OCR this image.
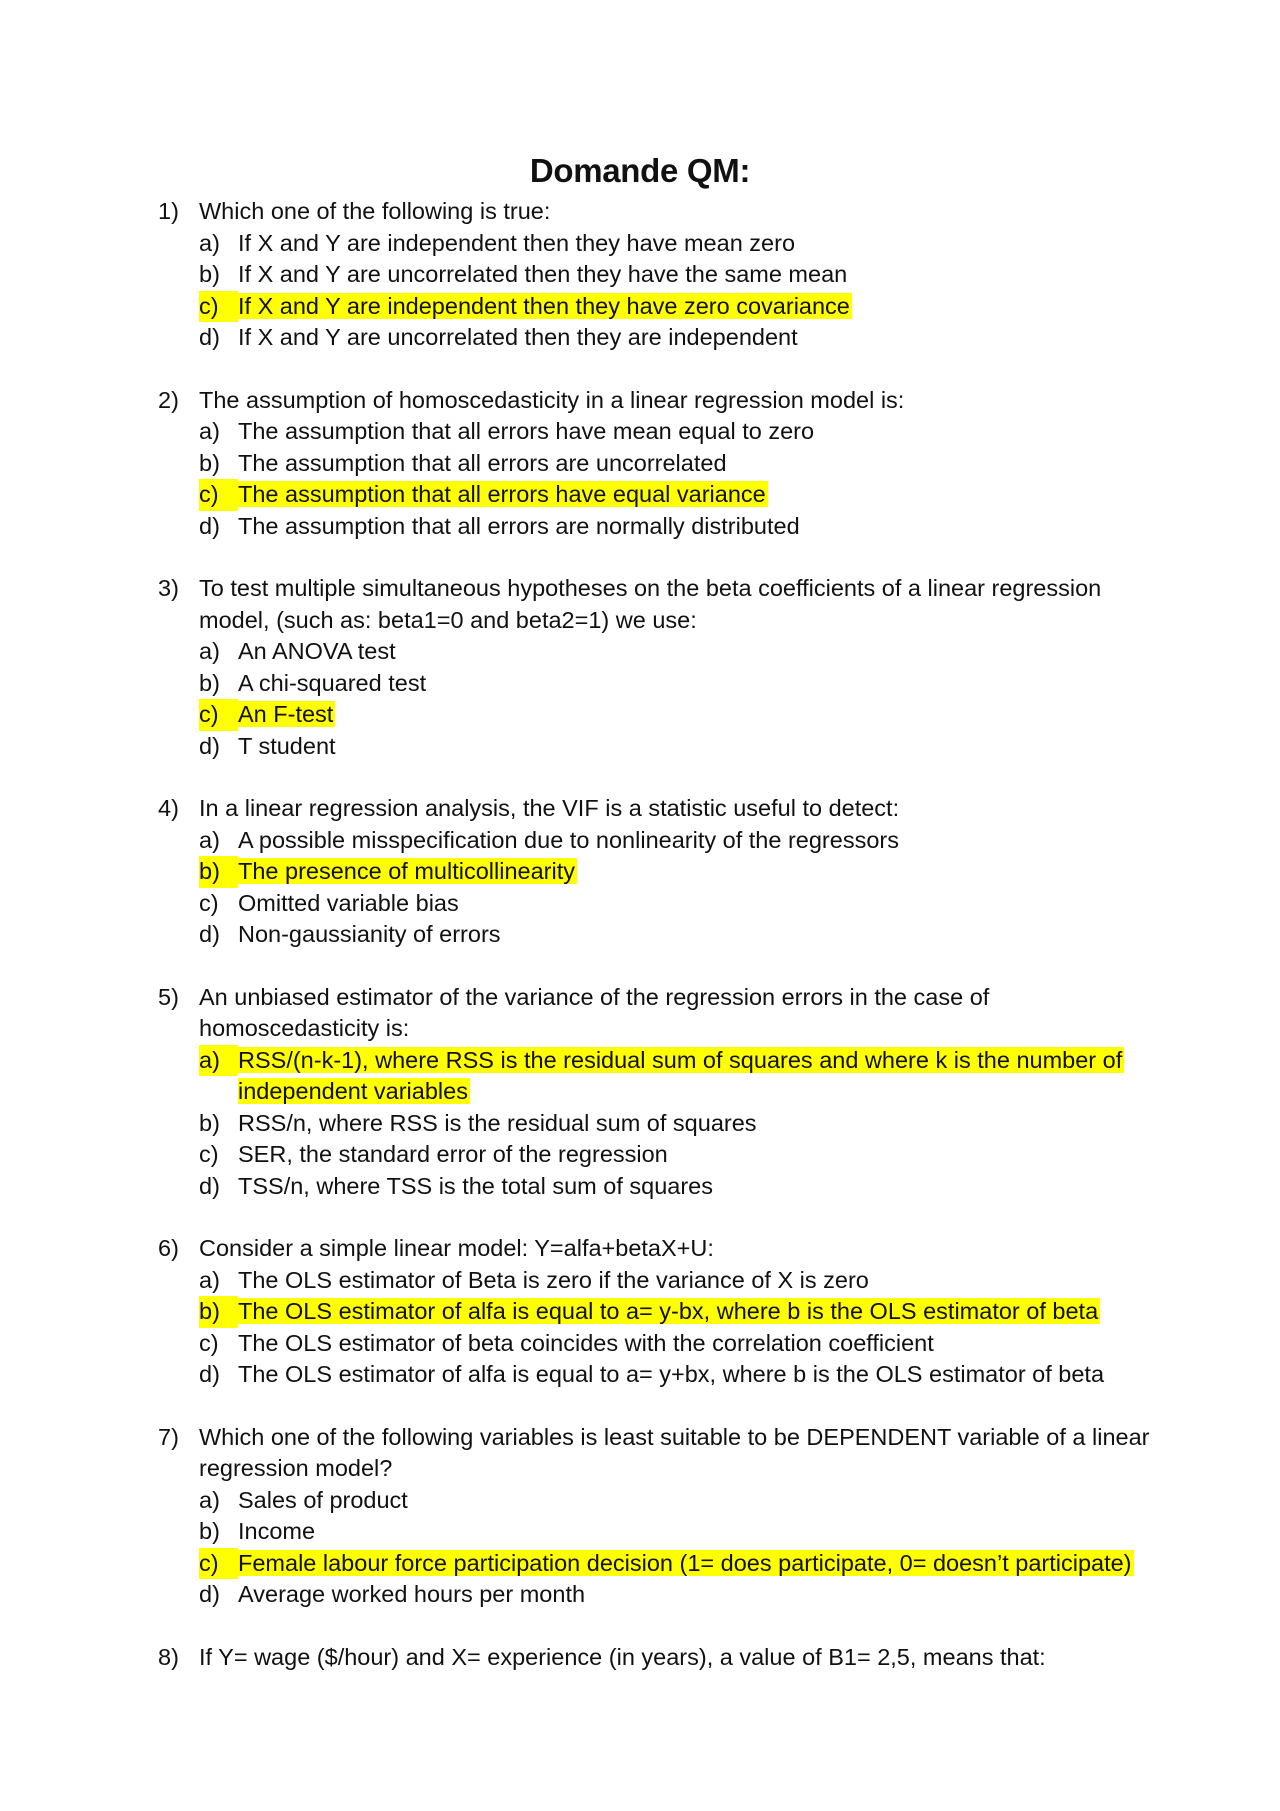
Domande QM:
1) Which one of the following is true:
a) If X and Y are independent then they have mean zero
b) If X and Y are uncorrelated then they have the same mean
c) If X and Y are independent then they have zero covariance
d) If X and Y are uncorrelated then they are independent
2) The assumption of homoscedasticity in a linear regression model is:
a) The assumption that all errors have mean equal to zero
b) The assumption that all errors are uncorrelated
c) The assumption that all errors have equal variance
d) The assumption that all errors are normally distributed
3) To test multiple simultaneous hypotheses on the beta coefficients of a linear regression model, (such as: beta1=0 and beta2=1) we use:
a) An ANOVA test
b) A chi-squared test
c) An F-test
d) T student
4) In a linear regression analysis, the VIF is a statistic useful to detect:
a) A possible misspecification due to nonlinearity of the regressors
b) The presence of multicollinearity
c) Omitted variable bias
d) Non-gaussianity of errors
5) An unbiased estimator of the variance of the regression errors in the case of homoscedasticity is:
a) RSS/(n-k-1), where RSS is the residual sum of squares and where k is the number of independent variables
b) RSS/n, where RSS is the residual sum of squares
c) SER, the standard error of the regression
d) TSS/n, where TSS is the total sum of squares
6) Consider a simple linear model: Y=alfa+betaX+U:
a) The OLS estimator of Beta is zero if the variance of X is zero
b) The OLS estimator of alfa is equal to a= y-bx, where b is the OLS estimator of beta
c) The OLS estimator of beta coincides with the correlation coefficient
d) The OLS estimator of alfa is equal to a= y+bx, where b is the OLS estimator of beta
7) Which one of the following variables is least suitable to be DEPENDENT variable of a linear regression model?
a) Sales of product
b) Income
c) Female labour force participation decision (1= does participate, 0= doesn’t participate)
d) Average worked hours per month
8) If Y= wage ($/hour) and X= experience (in years), a value of B1= 2,5, means that:
